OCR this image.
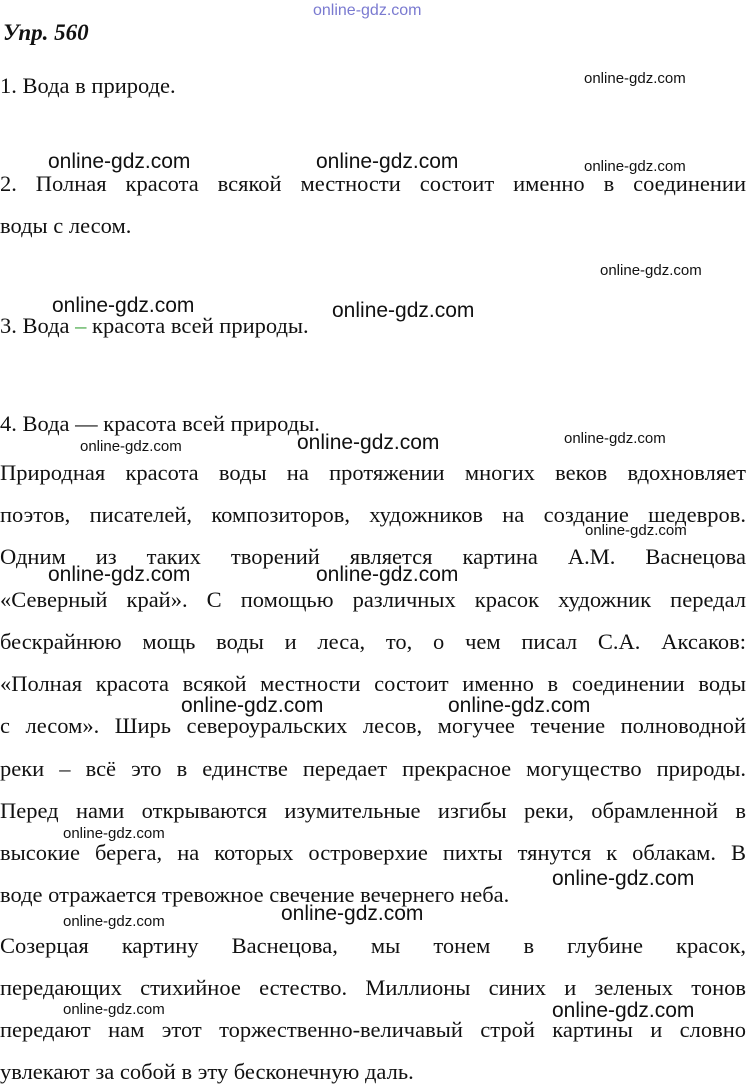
Упр. 560
1. Вода в природе.
2. Полная красота всякой местности состоит именно в соединении
воды с лесом.
3. Вода – красота всей природы.
4. Вода — красота всей природы.
Природная красота воды на протяжении многих веков вдохновляет
поэтов, писателей, композиторов, художников на создание шедевров.
Одним из таких творений является картина А.М. Васнецова
«Северный край». С помощью различных красок художник передал
бескрайнюю мощь воды и леса, то, о чем писал С.А. Аксаков:
«Полная красота всякой местности состоит именно в соединении воды
с лесом». Ширь североуральских лесов, могучее течение полноводной
реки – всё это в единстве передает прекрасное могущество природы.
Перед нами открываются изумительные изгибы реки, обрамленной в
высокие берега, на которых островерхие пихты тянутся к облакам. В
воде отражается тревожное свечение вечернего неба.
Созерцая картину Васнецова, мы тонем в глубине красок,
передающих стихийное естество. Миллионы синих и зеленых тонов
передают нам этот торжественно-величавый строй картины и словно
увлекают за собой в эту бесконечную даль.
online-gdz.com
online-gdz.com
online-gdz.com	online-gdz.com	online-gdz.com
online-gdz.com
online-gdz.com	online-gdz.com
online-gdz.com
online-gdz.com
online-gdz.com
online-gdz.com
online-gdz.com	online-gdz.com
online-gdz.com	online-gdz.com
online-gdz.com
online-gdz.com
online-gdz.com
online-gdz.com
online-gdz.com	online-gdz.com
